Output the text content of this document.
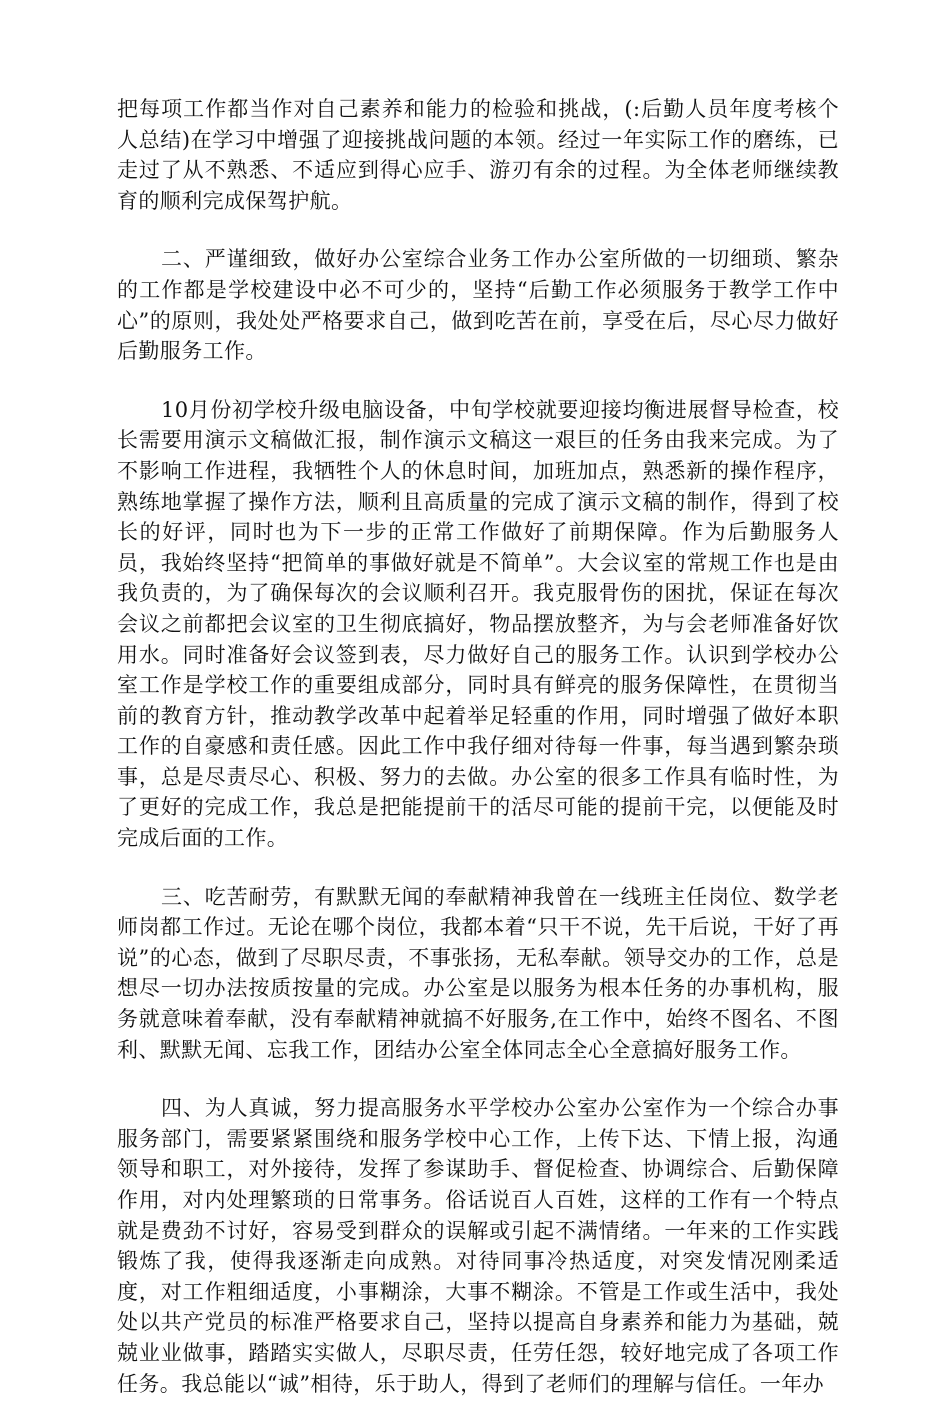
把每项工作都当作对自己素养和能力的检验和挑战，(:后勤人员年度考核个人总结)在学习中增强了迎接挑战问题的本领。经过一年实际工作的磨练，已走过了从不熟悉、不适应到得心应手、游刃有余的过程。为全体老师继续教育的顺利完成保驾护航。

二、严谨细致，做好办公室综合业务工作办公室所做的一切细琐、繁杂的工作都是学校建设中必不可少的，坚持“后勤工作必须服务于教学工作中心”的原则，我处处严格要求自己，做到吃苦在前，享受在后，尽心尽力做好后勤服务工作。

10月份初学校升级电脑设备，中旬学校就要迎接均衡进展督导检查，校长需要用演示文稿做汇报，制作演示文稿这一艰巨的任务由我来完成。为了不影响工作进程，我牺牲个人的休息时间，加班加点，熟悉新的操作程序，熟练地掌握了操作方法，顺利且高质量的完成了演示文稿的制作，得到了校长的好评，同时也为下一步的正常工作做好了前期保障。作为后勤服务人员，我始终坚持“把简单的事做好就是不简单”。大会议室的常规工作也是由我负责的，为了确保每次的会议顺利召开。我克服骨伤的困扰，保证在每次会议之前都把会议室的卫生彻底搞好，物品摆放整齐，为与会老师准备好饮用水。同时准备好会议签到表，尽力做好自己的服务工作。认识到学校办公室工作是学校工作的重要组成部分，同时具有鲜亮的服务保障性，在贯彻当前的教育方针，推动教学改革中起着举足轻重的作用，同时增强了做好本职工作的自豪感和责任感。因此工作中我仔细对待每一件事，每当遇到繁杂琐事，总是尽责尽心、积极、努力的去做。办公室的很多工作具有临时性，为了更好的完成工作，我总是把能提前干的活尽可能的提前干完，以便能及时完成后面的工作。

三、吃苦耐劳，有默默无闻的奉献精神我曾在一线班主任岗位、数学老师岗都工作过。无论在哪个岗位，我都本着“只干不说，先干后说，干好了再说”的心态，做到了尽职尽责，不事张扬，无私奉献。领导交办的工作，总是想尽一切办法按质按量的完成。办公室是以服务为根本任务的办事机构，服务就意味着奉献，没有奉献精神就搞不好服务,在工作中，始终不图名、不图利、默默无闻、忘我工作，团结办公室全体同志全心全意搞好服务工作。

四、为人真诚，努力提高服务水平学校办公室办公室作为一个综合办事服务部门，需要紧紧围绕和服务学校中心工作，上传下达、下情上报，沟通领导和职工，对外接待，发挥了参谋助手、督促检查、协调综合、后勤保障作用，对内处理繁琐的日常事务。俗话说百人百姓，这样的工作有一个特点就是费劲不讨好，容易受到群众的误解或引起不满情绪。一年来的工作实践锻炼了我，使得我逐渐走向成熟。对待同事冷热适度，对突发情况刚柔适度，对工作粗细适度，小事糊涂，大事不糊涂。不管是工作或生活中，我处处以共产党员的标准严格要求自己，坚持以提高自身素养和能力为基础，兢兢业业做事，踏踏实实做人，尽职尽责，任劳任怨，较好地完成了各项工作任务。我总能以“诚”相待，乐于助人，得到了老师们的理解与信任。一年办
